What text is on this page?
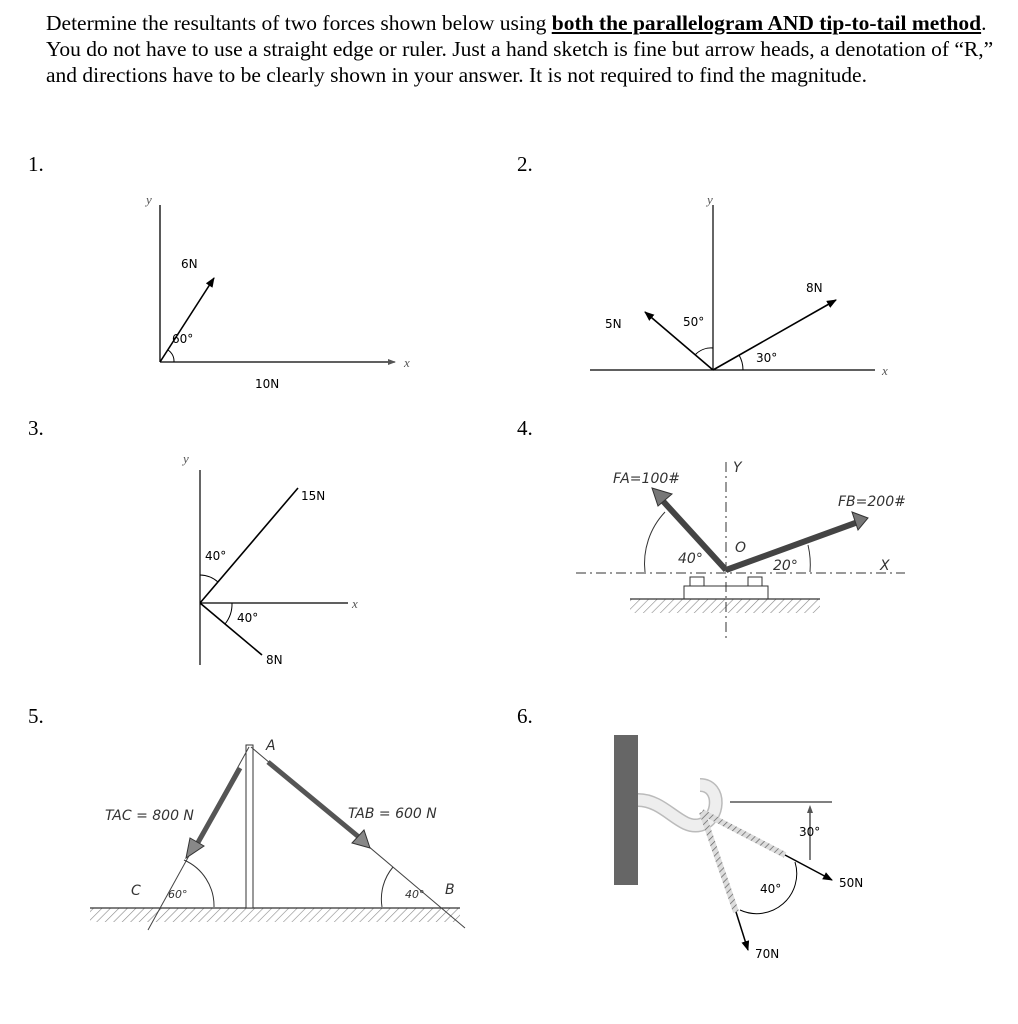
Determine the resultants of two forces shown below using both the parallelogram AND tip-to-tail method. You do not have to use a straight edge or ruler. Just a hand sketch is fine but arrow heads, a denotation of “R,” and directions have to be clearly shown in your answer. It is not required to find the magnitude.
1.	2.
3.	4.
5.	6.
y
x
6N
60°
10N
y
x
5N
8N
50°
30°
y
x
15N
8N
40°
40°
Y
X
FA=100#
FB=200#
O
40°	20°
A
B
C
TAC = 800 N	TAB = 600 N
60°	40°
30°
40°	50N
70N
